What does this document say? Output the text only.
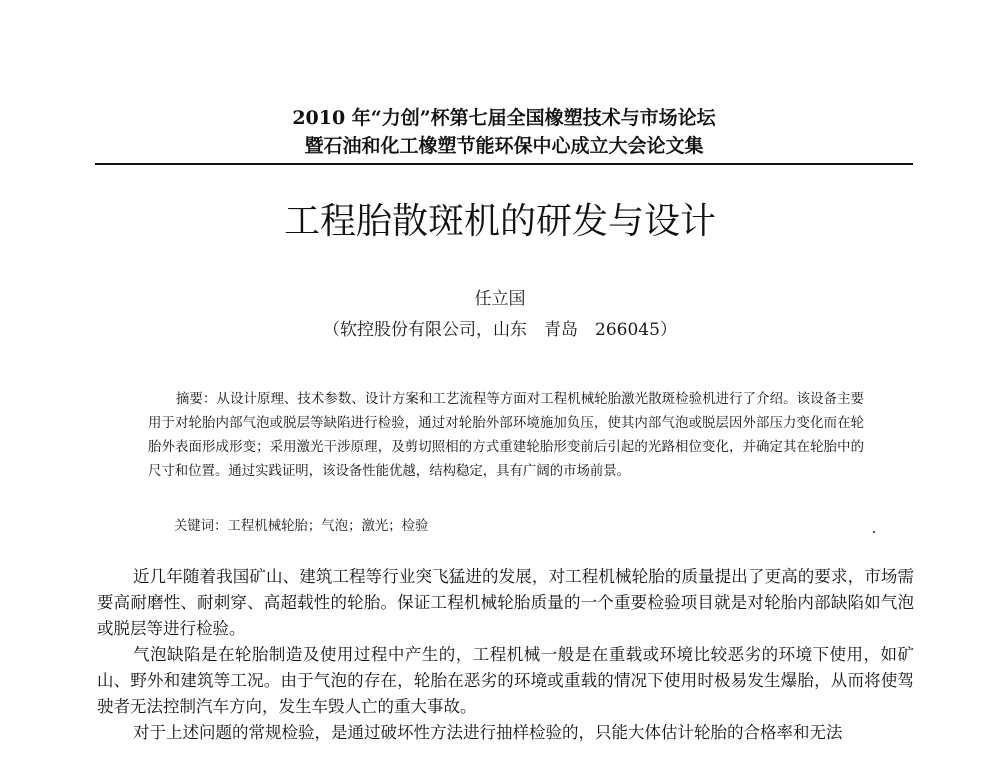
2010 年“力创”杯第七届全国橡塑技术与市场论坛
暨石油和化工橡塑节能环保中心成立大会论文集
工程胎散斑机的研发与设计
任立国
（软控股份有限公司，山东　青岛　266045）

摘要：从设计原理、技术参数、设计方案和工艺流程等方面对工程机械轮胎激光散斑检验机进行了介绍。该设备主要用于对轮胎内部气泡或脱层等缺陷进行检验，通过对轮胎外部环境施加负压，使其内部气泡或脱层因外部压力变化而在轮胎外表面形成形变；采用激光干涉原理，及剪切照相的方式重建轮胎形变前后引起的光路相位变化，并确定其在轮胎中的尺寸和位置。通过实践证明，该设备性能优越，结构稳定，具有广阔的市场前景。

关键词：工程机械轮胎；气泡；激光；检验

近几年随着我国矿山、建筑工程等行业突飞猛进的发展，对工程机械轮胎的质量提出了更高的要求，市场需要高耐磨性、耐刺穿、高超载性的轮胎。保证工程机械轮胎质量的一个重要检验项目就是对轮胎内部缺陷如气泡或脱层等进行检验。

气泡缺陷是在轮胎制造及使用过程中产生的，工程机械一般是在重载或环境比较恶劣的环境下使用，如矿山、野外和建筑等工况。由于气泡的存在，轮胎在恶劣的环境或重载的情况下使用时极易发生爆胎，从而将使驾驶者无法控制汽车方向，发生车毁人亡的重大事故。

对于上述问题的常规检验，是通过破坏性方法进行抽样检验的，只能大体估计轮胎的合格率和无法
